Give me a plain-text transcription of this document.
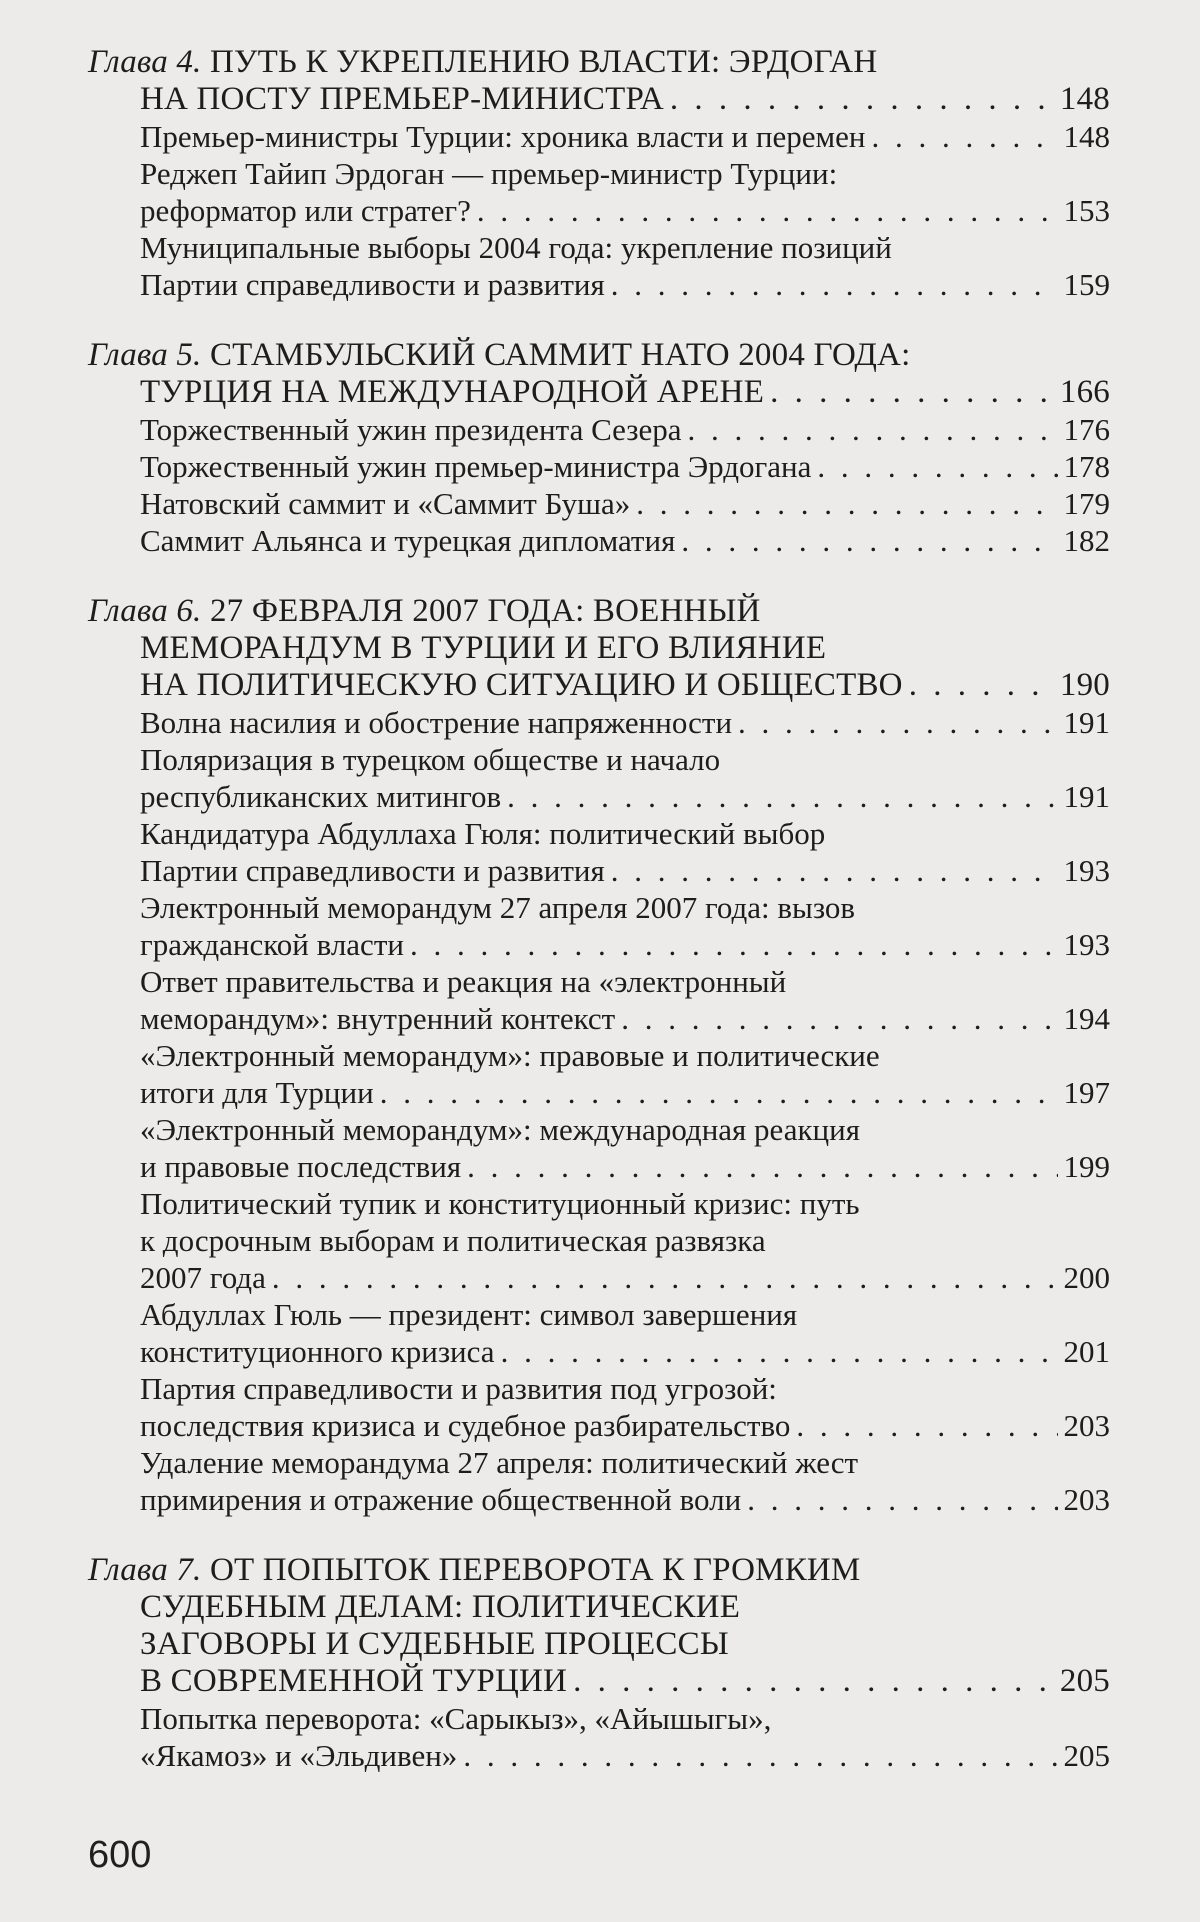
Глава 4. ПУТЬ К УКРЕПЛЕНИЮ ВЛАСТИ: ЭРДОГАН
НА ПОСТУ ПРЕМЬЕР-МИНИСТРА . . .	148
Премьер-министры Турции: хроника власти и перемен . . .	148
Реджеп Тайип Эрдоган — премьер-министр Турции:
реформатор или стратег? . . .	153
Муниципальные выборы 2004 года: укрепление позиций
Партии справедливости и развития . . .	159
Глава 5. СТАМБУЛЬСКИЙ САММИТ НАТО 2004 ГОДА:
ТУРЦИЯ НА МЕЖДУНАРОДНОЙ АРЕНЕ . . .	166
Торжественный ужин президента Сезера . . .	176
Торжественный ужин премьер-министра Эрдогана . . .	178
Натовский саммит и «Саммит Буша» . . .	179
Саммит Альянса и турецкая дипломатия . . .	182
Глава 6. 27 ФЕВРАЛЯ 2007 ГОДА: ВОЕННЫЙ
МЕМОРАНДУМ В ТУРЦИИ И ЕГО ВЛИЯНИЕ
НА ПОЛИТИЧЕСКУЮ СИТУАЦИЮ И ОБЩЕСТВО . . .	190
Волна насилия и обострение напряженности . . .	191
Поляризация в турецком обществе и начало
республиканских митингов . . .	191
Кандидатура Абдуллаха Гюля: политический выбор
Партии справедливости и развития . . .	193
Электронный меморандум 27 апреля 2007 года: вызов
гражданской власти . . .	193
Ответ правительства и реакция на «электронный
меморандум»: внутренний контекст . . .	194
«Электронный меморандум»: правовые и политические
итоги для Турции . . .	197
«Электронный меморандум»: международная реакция
и правовые последствия . . .	199
Политический тупик и конституционный кризис: путь
к досрочным выборам и политическая развязка
2007 года . . .	200
Абдуллах Гюль — президент: символ завершения
конституционного кризиса . . .	201
Партия справедливости и развития под угрозой:
последствия кризиса и судебное разбирательство . . .	203
Удаление меморандума 27 апреля: политический жест
примирения и отражение общественной воли . . .	203
Глава 7. ОТ ПОПЫТОК ПЕРЕВОРОТА К ГРОМКИМ
СУДЕБНЫМ ДЕЛАМ: ПОЛИТИЧЕСКИЕ
ЗАГОВОРЫ И СУДЕБНЫЕ ПРОЦЕССЫ
В СОВРЕМЕННОЙ ТУРЦИИ . . .	205
Попытка переворота: «Сарыкыз», «Айышыгы»,
«Якамоз» и «Эльдивен» . . .	205
600
